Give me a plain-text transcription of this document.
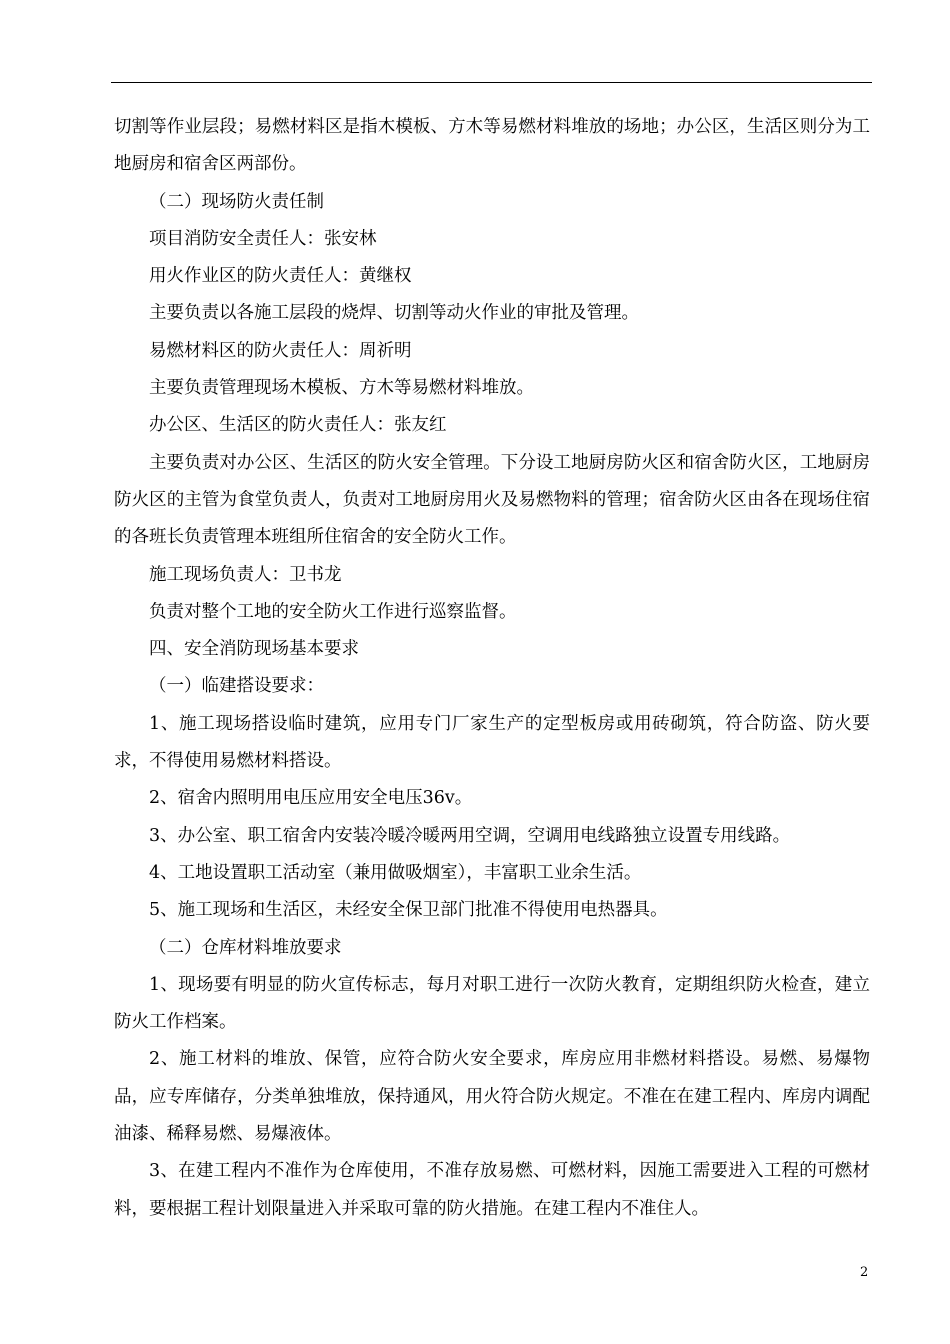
切割等作业层段；易燃材料区是指木模板、方木等易燃材料堆放的场地；办公区，生活区则分为工地厨房和宿舍区两部份。

（二）现场防火责任制

项目消防安全责任人：张安林

用火作业区的防火责任人：黄继权

主要负责以各施工层段的烧焊、切割等动火作业的审批及管理。

易燃材料区的防火责任人：周祈明

主要负责管理现场木模板、方木等易燃材料堆放。

办公区、生活区的防火责任人：张友红

主要负责对办公区、生活区的防火安全管理。下分设工地厨房防火区和宿舍防火区，工地厨房防火区的主管为食堂负责人，负责对工地厨房用火及易燃物料的管理；宿舍防火区由各在现场住宿的各班长负责管理本班组所住宿舍的安全防火工作。

施工现场负责人：卫书龙

负责对整个工地的安全防火工作进行巡察监督。

四、安全消防现场基本要求

（一）临建搭设要求：

1、施工现场搭设临时建筑，应用专门厂家生产的定型板房或用砖砌筑，符合防盗、防火要求，不得使用易燃材料搭设。

2、宿舍内照明用电压应用安全电压36v。

3、办公室、职工宿舍内安装冷暖冷暖两用空调，空调用电线路独立设置专用线路。

4、工地设置职工活动室（兼用做吸烟室），丰富职工业余生活。

5、施工现场和生活区，未经安全保卫部门批准不得使用电热器具。

（二）仓库材料堆放要求

1、现场要有明显的防火宣传标志，每月对职工进行一次防火教育，定期组织防火检查，建立防火工作档案。

2、施工材料的堆放、保管，应符合防火安全要求，库房应用非燃材料搭设。易燃、易爆物品，应专库储存，分类单独堆放，保持通风，用火符合防火规定。不准在在建工程内、库房内调配油漆、稀释易燃、易爆液体。

3、在建工程内不准作为仓库使用，不准存放易燃、可燃材料，因施工需要进入工程的可燃材料，要根据工程计划限量进入并采取可靠的防火措施。在建工程内不准住人。

2
